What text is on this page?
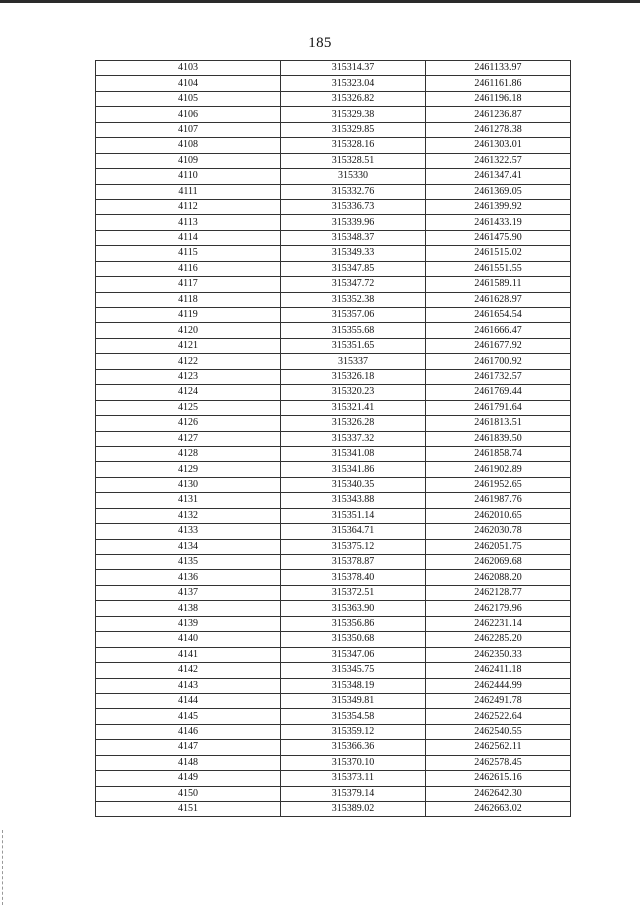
185
4103	315314.37	2461133.97
4104	315323.04	2461161.86
4105	315326.82	2461196.18
4106	315329.38	2461236.87
4107	315329.85	2461278.38
4108	315328.16	2461303.01
4109	315328.51	2461322.57
4110	315330	2461347.41
4111	315332.76	2461369.05
4112	315336.73	2461399.92
4113	315339.96	2461433.19
4114	315348.37	2461475.90
4115	315349.33	2461515.02
4116	315347.85	2461551.55
4117	315347.72	2461589.11
4118	315352.38	2461628.97
4119	315357.06	2461654.54
4120	315355.68	2461666.47
4121	315351.65	2461677.92
4122	315337	2461700.92
4123	315326.18	2461732.57
4124	315320.23	2461769.44
4125	315321.41	2461791.64
4126	315326.28	2461813.51
4127	315337.32	2461839.50
4128	315341.08	2461858.74
4129	315341.86	2461902.89
4130	315340.35	2461952.65
4131	315343.88	2461987.76
4132	315351.14	2462010.65
4133	315364.71	2462030.78
4134	315375.12	2462051.75
4135	315378.87	2462069.68
4136	315378.40	2462088.20
4137	315372.51	2462128.77
4138	315363.90	2462179.96
4139	315356.86	2462231.14
4140	315350.68	2462285.20
4141	315347.06	2462350.33
4142	315345.75	2462411.18
4143	315348.19	2462444.99
4144	315349.81	2462491.78
4145	315354.58	2462522.64
4146	315359.12	2462540.55
4147	315366.36	2462562.11
4148	315370.10	2462578.45
4149	315373.11	2462615.16
4150	315379.14	2462642.30
4151	315389.02	2462663.02
